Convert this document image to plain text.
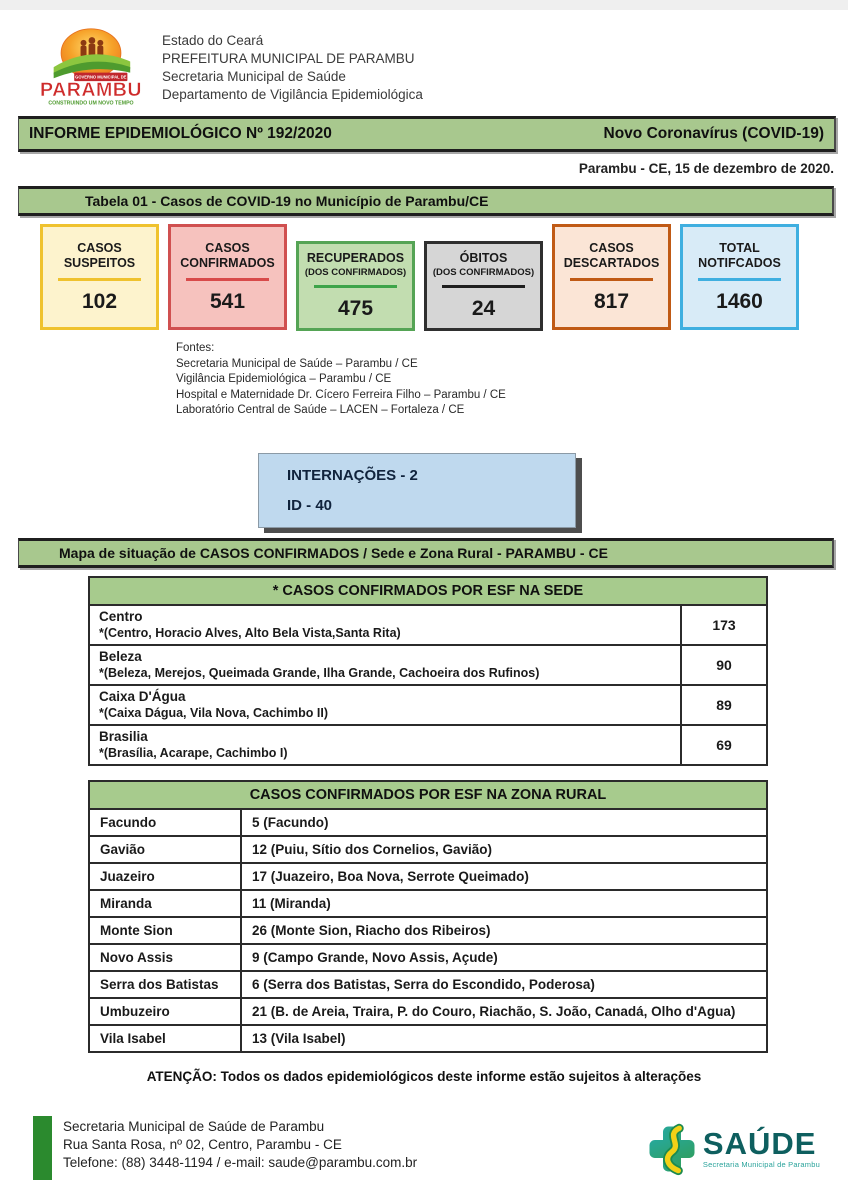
GOVERNO MUNICIPAL DE
PARAMBU
CONSTRUINDO UM NOVO TEMPO
Estado do Ceará
PREFEITURA MUNICIPAL DE PARAMBU
Secretaria Municipal de Saúde
Departamento de Vigilância Epidemiológica
INFORME EPIDEMIOLÓGICO Nº 192/2020	Novo Coronavírus (COVID-19)
Parambu - CE, 15 de dezembro de 2020.
Tabela 01 - Casos de COVID-19 no Município de Parambu/CE
CASOS SUSPEITOS
102
CASOS CONFIRMADOS
541
RECUPERADOS
(DOS CONFIRMADOS)
475
ÓBITOS
(DOS CONFIRMADOS)
24
CASOS DESCARTADOS
817
TOTAL NOTIFCADOS
1460
Fontes:
Secretaria Municipal de Saúde – Parambu / CE
Vigilância Epidemiológica – Parambu / CE
Hospital e Maternidade Dr. Cícero Ferreira Filho – Parambu / CE
Laboratório Central de Saúde – LACEN – Fortaleza / CE
INTERNAÇÕES - 2
ID - 40
Mapa de situação de CASOS CONFIRMADOS / Sede e Zona Rural - PARAMBU - CE
* CASOS CONFIRMADOS POR ESF NA SEDE	

Centro
*(Centro, Horacio Alves, Alto Bela Vista,Santa Rita)	173

Beleza
*(Beleza, Merejos, Queimada Grande, Ilha Grande, Cachoeira dos Rufinos)	90

Caixa D'Água
*(Caixa Dágua, Vila Nova, Cachimbo II)	89

Brasilia
*(Brasília, Acarape, Cachimbo I)	69
CASOS CONFIRMADOS POR ESF NA ZONA RURAL	
Facundo	5 (Facundo)
Gavião	12 (Puiu, Sítio dos Cornelios, Gavião)
Juazeiro	17 (Juazeiro, Boa Nova, Serrote Queimado)
Miranda	11 (Miranda)
Monte Sion	26 (Monte Sion, Riacho dos Ribeiros)
Novo Assis	9 (Campo Grande, Novo Assis, Açude)
Serra dos Batistas	6 (Serra dos Batistas, Serra do Escondido, Poderosa)
Umbuzeiro	21 (B. de Areia, Traira, P. do Couro, Riachão, S. João, Canadá, Olho d'Agua)
Vila Isabel	13 (Vila Isabel)
ATENÇÃO: Todos os dados epidemiológicos deste informe estão sujeitos à alterações
Secretaria Municipal de Saúde de Parambu
Rua Santa Rosa, nº 02, Centro, Parambu - CE
Telefone: (88) 3448-1194 / e-mail: saude@parambu.com.br
SAÚDE
Secretaria Municipal de Parambu
